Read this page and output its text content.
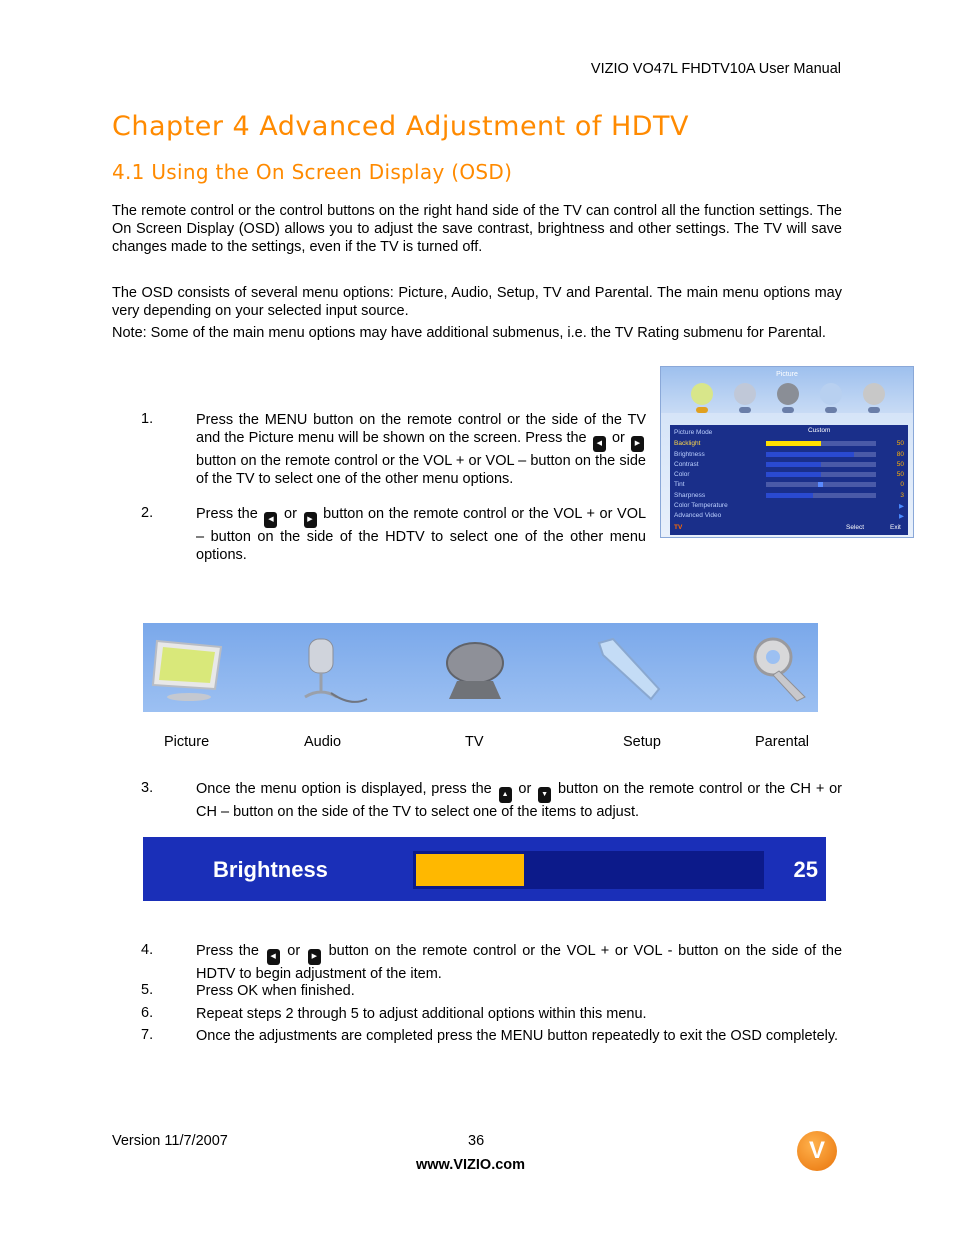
VIZIO VO47L FHDTV10A User Manual
Chapter 4 Advanced Adjustment of HDTV
4.1 Using the On Screen Display (OSD)
The remote control or the control buttons on the right hand side of the TV can control all the function settings. The On Screen Display (OSD) allows you to adjust the save contrast, brightness and other settings. The TV will save changes made to the settings, even if the TV is turned off.
The OSD consists of several menu options: Picture, Audio, Setup, TV and Parental. The main menu options may very depending on your selected input source.
Note: Some of the main menu options may have additional submenus, i.e. the TV Rating submenu for Parental.
1.	Press the MENU button on the remote control or the side of the TV and the Picture menu will be shown on the screen. Press the ◀ or ▶ button on the remote control or the VOL + or VOL – button on the side of the TV to select one of the other menu options.
2.	Press the ◀ or ▶ button on the remote control or the VOL + or VOL – button on the side of the HDTV to select one of the other menu options.
Picture
Picture Mode	Custom
Backlight	50
Brightness	80
Contrast	50
Color	50
Tint	0
Sharpness	3
Color Temperature	▶
Advanced Video	▶
TV	Select	Exit
Picture	Audio	TV	Setup	Parental
3.	Once the menu option is displayed, press the ▲ or ▼ button on the remote control or the CH + or CH – button on the side of the TV to select one of the items to adjust.
Brightness	25
4.	Press the ◀ or ▶ button on the remote control or the VOL + or VOL - button on the side of the HDTV to begin adjustment of the item.
5.	Press OK when finished.
6.	Repeat steps 2 through 5 to adjust additional options within this menu.
7.	Once the adjustments are completed press the MENU button repeatedly to exit the OSD completely.
Version 11/7/2007	36
www.VIZIO.com
V
